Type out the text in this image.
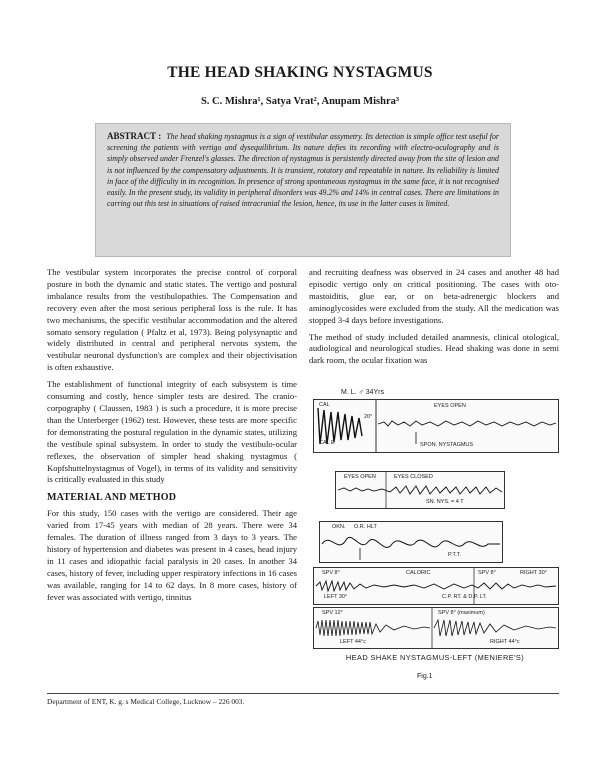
THE HEAD SHAKING NYSTAGMUS
S. C. Mishra¹, Satya Vrat², Anupam Mishra³
ABSTRACT : The head shaking nystagmus is a sign of vestibular assymetry. Its detection is simple office test useful for screening the patients with vertigo and dysequilibrium. Its nature defies its recording with electro-oculography and is simply observed under Frenzel's glasses. The direction of nystagmus is persistently directed away from the site of lesion and is not influenced by the compensatory adjustments. It is transient, rotatory and repeatable in nature. Its reliability is limited in face of the difficulty in its recognition. In presence of strong spontaneous nystagmus in the same face, it is not recognised easily. In the present study, its validity in peripheral disorders was 49.2% and 14% in central cases. There are limitations in carring out this test in situations of raised intracranial the lesion, hence, its use in the latter cases is limited.

The vestibular system incorporates the precise control of corporal posture in both the dynamic and static states. The vertigo and postural imbalance results from the vestibulopathies. The Compensation and recovery even after the most serious peripheral loss is the rule. It has two mechanisms, the specific vestibular accommodation and the altered somato sensory regulation ( Pfaltz et al, 1973). Being polysynaptic and widely distributed in central and peripheral nervous system, the vestibular neuronal dysfunction's are complex and their objectivisation is often exhaustive.

The establishment of functional integrity of each subsystem is time consuming and costly, hence simpler tests are desired. The cranio-corpography ( Claussen, 1983 ) is such a procedure, it is more precise than the Unterberger (1962) test. However, these tests are more specific for demonstrating the postural regulation in the dynamic states, utilizing the vestibule spinal subsystem. In order to study the vestibulo-ocular reflexes, the observation of simpler head shaking nystagmus ( Kopfshuttelnystagmus of Vogel), in terms of its validity and sensitivity is critically evaluated in this study

MATERIAL AND METHOD

For this study, 150 cases with the vertigo are considered. Their age varied from 17-45 years with median of 28 years. There were 34 females. The duration of illness ranged from 3 days to 3 years. The history of hypertension and diabetes was present in 4 cases, head injury in 11 cases and idiopathic facial paralysis in 20 cases. In another 34 cases, history of fever, including upper respiratory infections in 16 cases was available, ranging for 14 to 62 days. In 8 more cases, history of fever was associated with vertigo, tinnitus

and recruiting deafness was observed in 24 cases and another 48 had episodic vertigo only on critical positioning. The cases with oto-mastoiditis, glue ear, or on beta-adrenergic blockers and aminoglycosides were excluded from the study. All the medication was stopped 3-4 days before investigations.

The method of study included detailed anamnesis, clinical otological, audiological and neurological studies. Head shaking was done in semi dark room, the ocular fixation was

M. L. ♂ 34Yrs
CAL
CAL E
20°
EYES OPEN
SPON. NYSTAGMUS
EYES OPEN	EYES CLOSED
SN. NYS. = 4 T
OKN. O.R. HLT
P.T.T.
SPV 8°	CALORIC	SPV 8°	RIGHT 30°
LEFT 30°	C.P. RT. & D.P. LT.
SPV 12°	SPV 8° (maximum)
LEFT 44°c	RIGHT 44°c
HEAD SHAKE NYSTAGMUS-LEFT (MENIERE'S)
Fig.1
Department of ENT, K. g. s Medical College, Lucknow – 226 003.
